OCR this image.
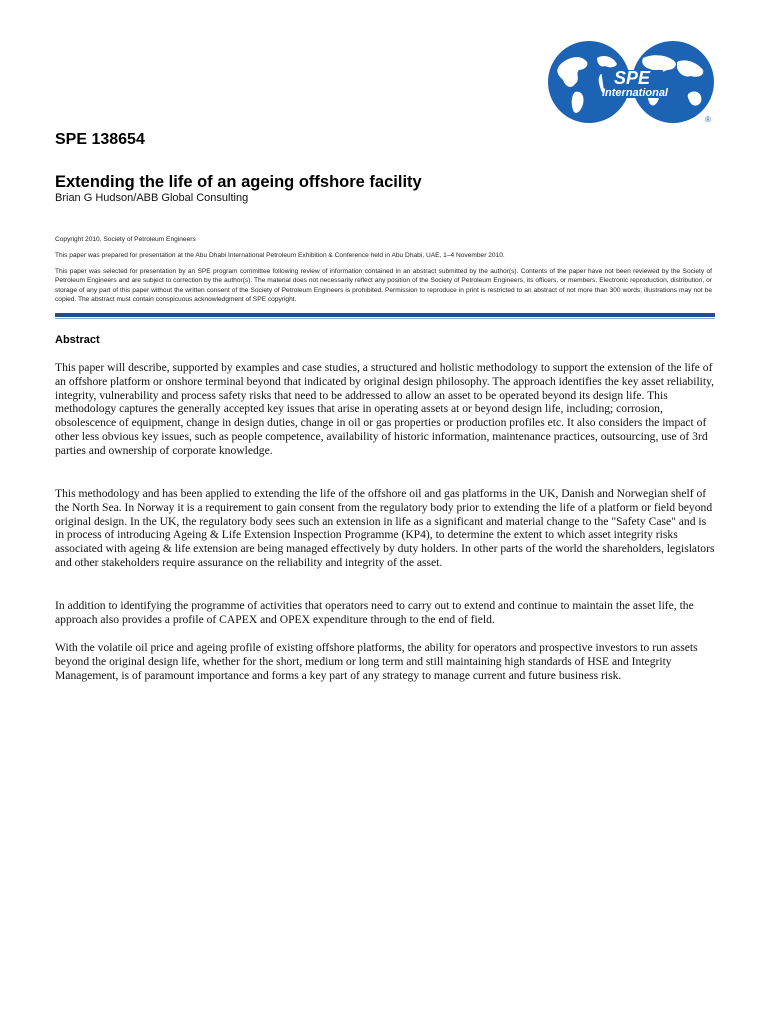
SPE
International
®
SPE 138654
Extending the life of an ageing offshore facility
Brian G Hudson/ABB Global Consulting
Copyright 2010, Society of Petroleum Engineers

This paper was prepared for presentation at the Abu Dhabi International Petroleum Exhibition & Conference held in Abu Dhabi, UAE, 1–4 November 2010.

This paper was selected for presentation by an SPE program committee following review of information contained in an abstract submitted by the author(s). Contents of the paper have not been reviewed by the Society of Petroleum Engineers and are subject to correction by the author(s). The material does not necessarily reflect any position of the Society of Petroleum Engineers, its officers, or members. Electronic reproduction, distribution, or storage of any part of this paper without the written consent of the Society of Petroleum Engineers is prohibited. Permission to reproduce in print is restricted to an abstract of not more than 300 words; illustrations may not be copied. The abstract must contain conspicuous acknowledgment of SPE copyright.

Abstract

This paper will describe, supported by examples and case studies, a structured and holistic methodology to support the extension of the life of an offshore platform or onshore terminal beyond that indicated by original design philosophy. The approach identifies the key asset reliability, integrity, vulnerability and process safety risks that need to be addressed to allow an asset to be operated beyond its design life. This methodology captures the generally accepted key issues that arise in operating assets at or beyond design life, including; corrosion, obsolescence of equipment, change in design duties, change in oil or gas properties or production profiles etc. It also considers the impact of other less obvious key issues, such as people competence, availability of historic information, maintenance practices, outsourcing, use of 3rd parties and ownership of corporate knowledge.

This methodology and has been applied to extending the life of the offshore oil and gas platforms in the UK, Danish and Norwegian shelf of the North Sea. In Norway it is a requirement to gain consent from the regulatory body prior to extending the life of a platform or field beyond original design. In the UK, the regulatory body sees such an extension in life as a significant and material change to the "Safety Case" and is in process of introducing Ageing & Life Extension Inspection Programme (KP4), to determine the extent to which asset integrity risks associated with ageing & life extension are being managed effectively by duty holders. In other parts of the world the shareholders, legislators and other stakeholders require assurance on the reliability and integrity of the asset.

In addition to identifying the programme of activities that operators need to carry out to extend and continue to maintain the asset life, the approach also provides a profile of CAPEX and OPEX expenditure through to the end of field.

With the volatile oil price and ageing profile of existing offshore platforms, the ability for operators and prospective investors to run assets beyond the original design life, whether for the short, medium or long term and still maintaining high standards of HSE and Integrity Management, is of paramount importance and forms a key part of any strategy to manage current and future business risk.
